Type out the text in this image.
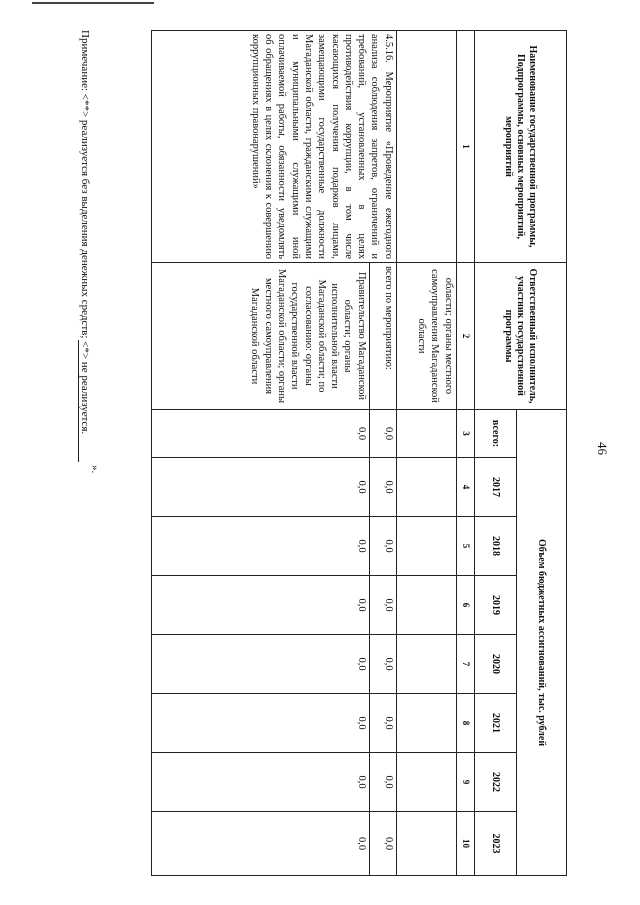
46
Наименование государственной программы, Подпрограммы, основных мероприятий, мероприятий	Ответственный исполнитель, участник государственной программы	Объем бюджетных ассигнований, тыс. рублей							
		всего:	2017	2018	2019	2020	2021	2022	2023
1	2	3	4	5	6	7	8	9	10
	области; органы местного самоуправления Магаданской области								
4.5.16. Мероприятие «Проведение ежегодного анализа соблюдения запретов, ограничений и требований, установленных в целях противодействия коррупции, в том числе касающихся получения подарков лицами, замещающими государственные должности Магаданской области, гражданскими служащими и муниципальными служащими иной оплачиваемой работы, обязанности уведомлять об обращениях в целях склонения к совершению коррупционных правонарушений»	всего по мероприятию:	0,0	0,0	0,0	0,0	0,0	0,0	0,0	0,0
	Правительство Магаданской области; органы исполнительной власти Магаданской области; по согласованию: органы государственной власти Магаданской области; органы местного самоуправления Магаданской области	0,0	0,0	0,0	0,0	0,0	0,0	0,0	0,0
Примечание: <**> реализуется без выделения денежных средств; <*> не реализуется.
».
